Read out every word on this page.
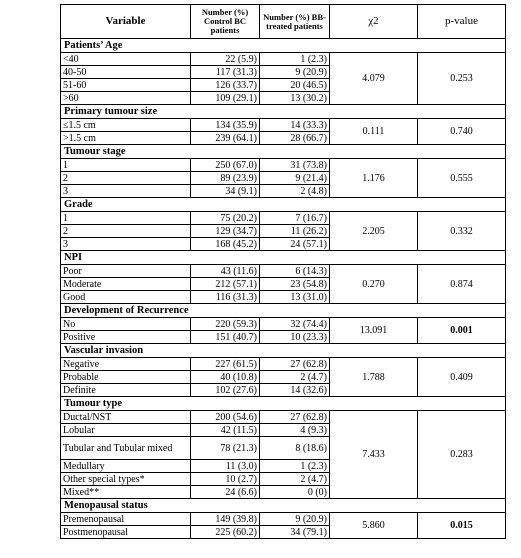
Variable	Number (%) Control BC patients	Number (%) BB-treated patients	χ2	p-value
Patients’ Age				
<40	22 (5.9)	1 (2.3)	4.079	0.253
40-50	117 (31.3)	9 (20.9)		
51-60	126 (33.7)	20 (46.5)		
>60	109 (29.1)	13 (30.2)		
Primary tumour size				
≤1.5 cm	134 (35.9)	14 (33.3)	0.111	0.740
>1.5 cm	239 (64.1)	28 (66.7)		
Tumour stage				
1	250 (67.0)	31 (73.8)	1.176	0.555
2	89 (23.9)	9 (21.4)		
3	34 (9.1)	2 (4.8)		
Grade				
1	75 (20.2)	7 (16.7)	2.205	0.332
2	129 (34.7)	11 (26.2)		
3	168 (45.2)	24 (57.1)		
NPI				
Poor	43 (11.6)	6 (14.3)	0.270	0.874
Moderate	212 (57.1)	23 (54.8)		
Good	116 (31.3)	13 (31.0)		
Development of Recurrence				
No	220 (59.3)	32 (74.4)	13.091	0.001
Positive	151 (40.7)	10 (23.3)		
Vascular invasion				
Negative	227 (61.5)	27 (62.8)	1.788	0.409
Probable	40 (10.8)	2 (4.7)		
Definite	102 (27.6)	14 (32.6)		
Tumour type				
Ductal/NST	200 (54.6)	27 (62.8)	7.433	0.283
Lobular	42 (11.5)	4 (9.3)		
Tubular and Tubular mixed	78 (21.3)	8 (18.6)		
Medullary	11 (3.0)	1 (2.3)		
Other special types*	10 (2.7)	2 (4.7)		
Mixed**	24 (6.6)	0 (0)		
Menopausal status				
Premenopausal	149 (39.8)	9 (20.9)	5.860	0.015
Postmenopausal	225 (60.2)	34 (79.1)		
